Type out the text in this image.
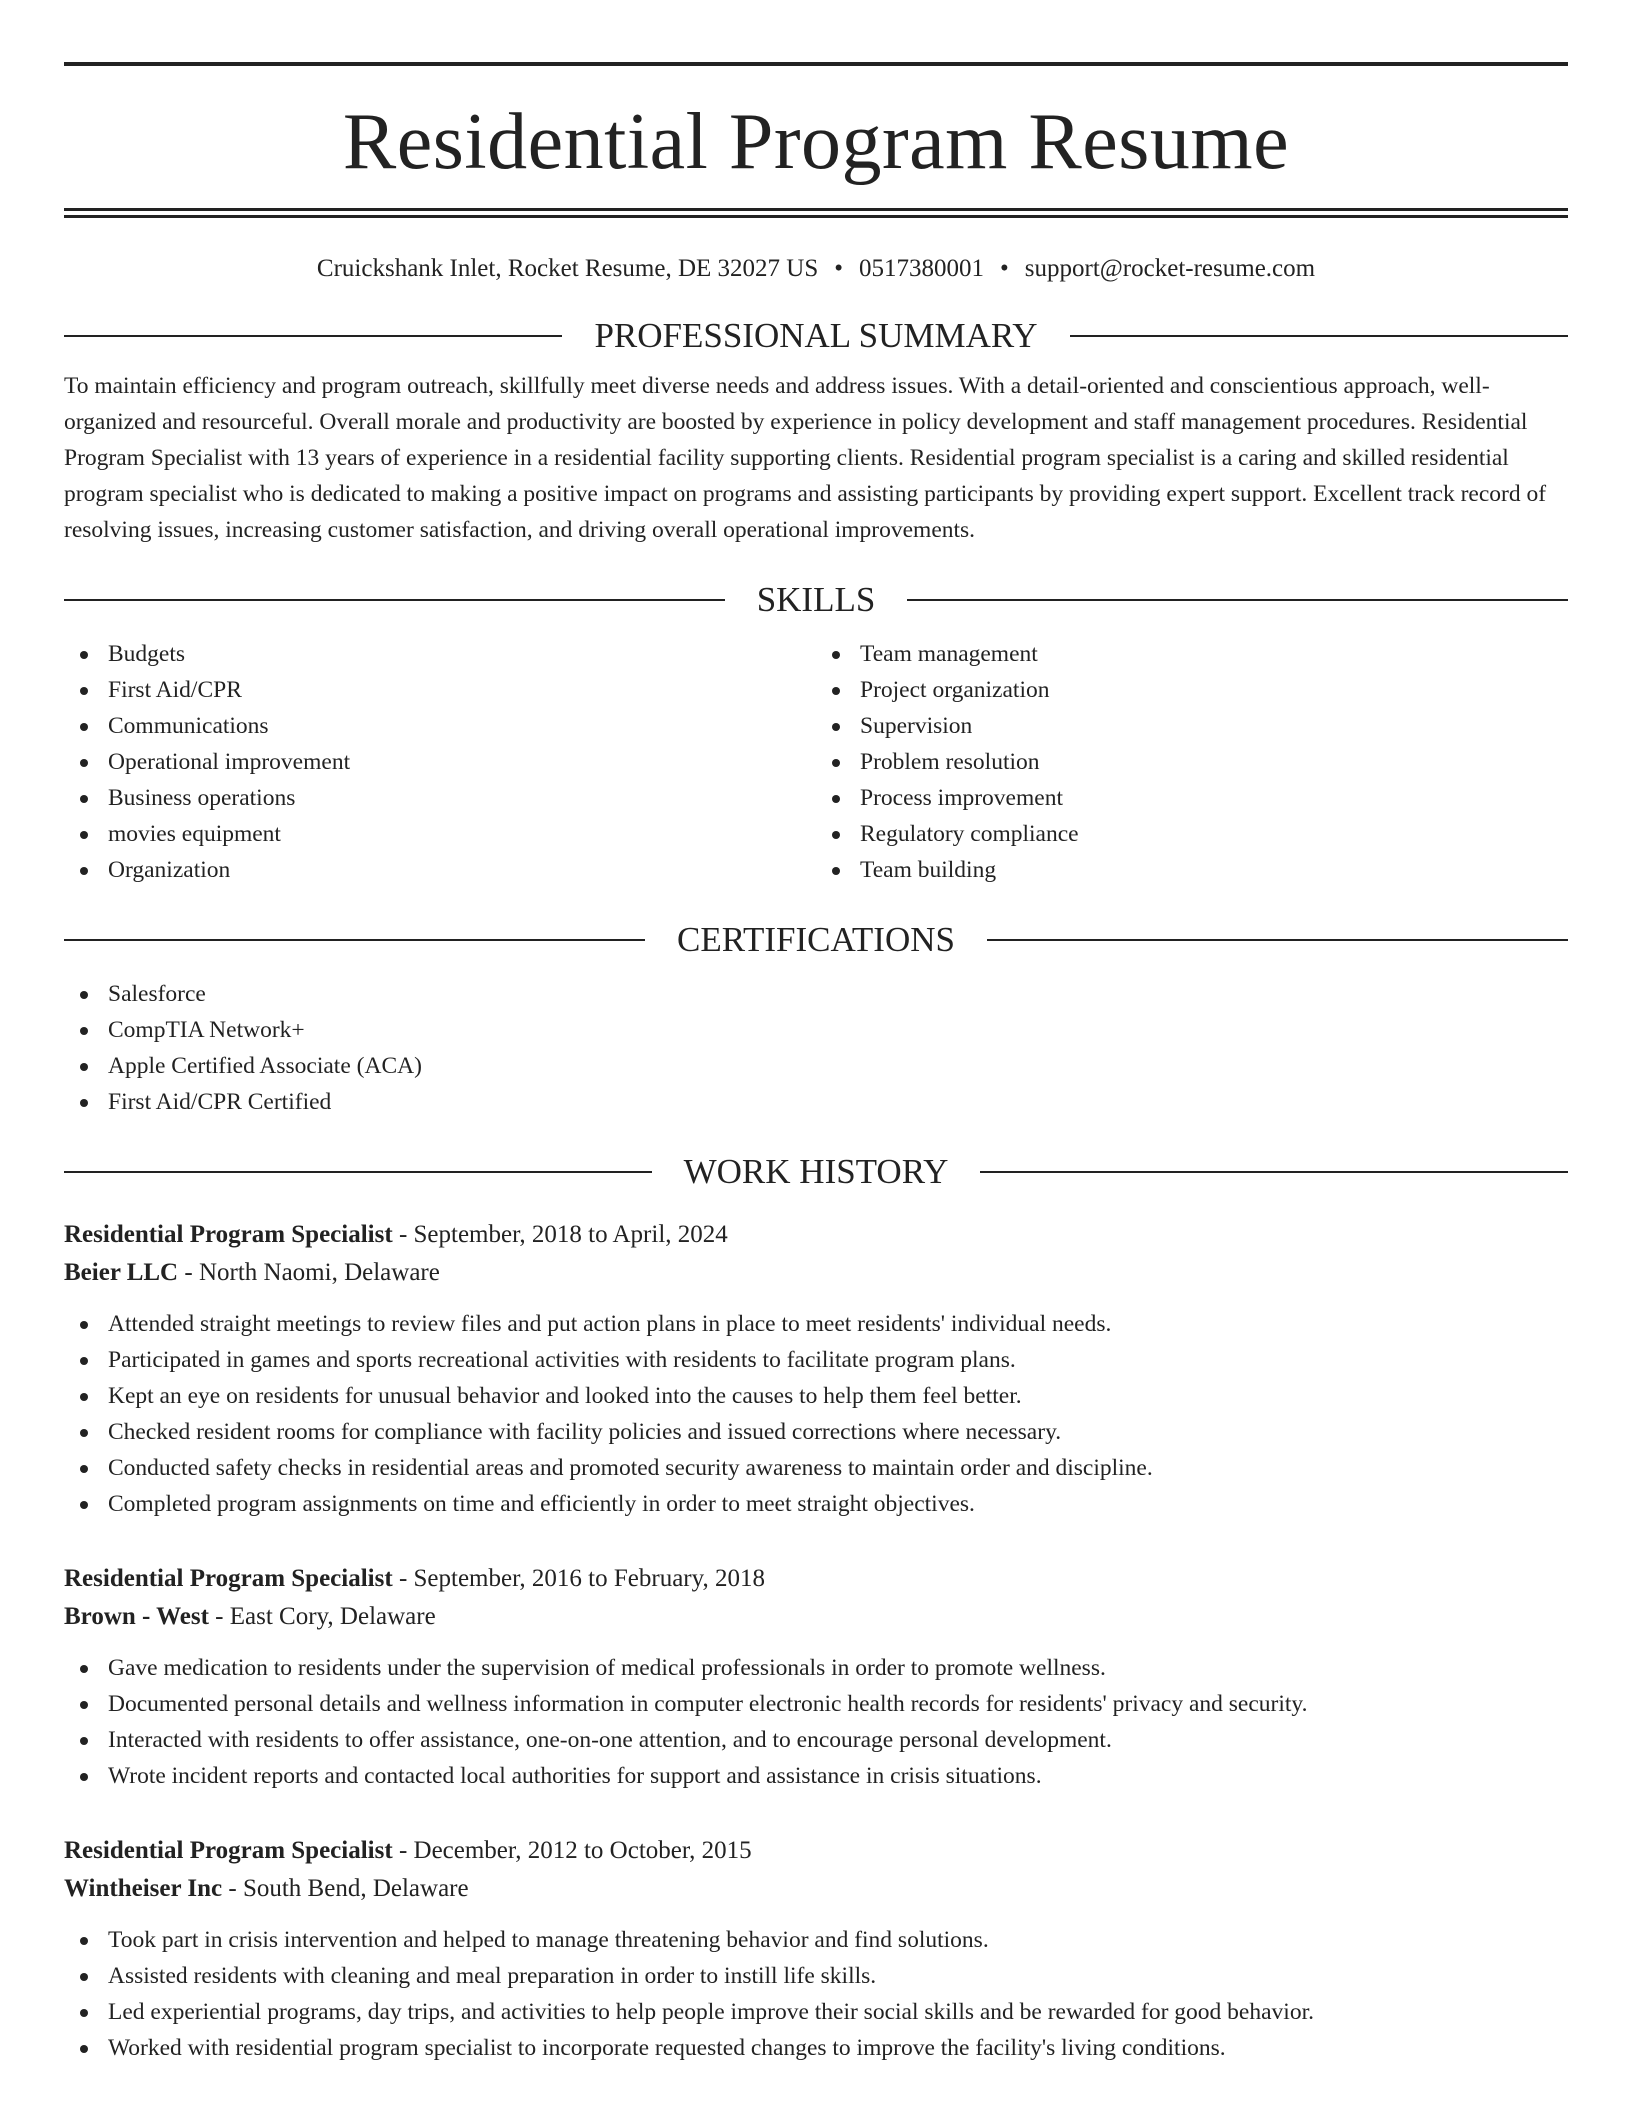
Residential Program Resume
Cruickshank Inlet, Rocket Resume, DE 32027 US • 0517380001 • support@rocket-resume.com
PROFESSIONAL SUMMARY

To maintain efficiency and program outreach, skillfully meet diverse needs and address issues. With a detail-oriented and conscientious approach, well-organized and resourceful. Overall morale and productivity are boosted by experience in policy development and staff management procedures. Residential Program Specialist with 13 years of experience in a residential facility supporting clients. Residential program specialist is a caring and skilled residential program specialist who is dedicated to making a positive impact on programs and assisting participants by providing expert support. Excellent track record of resolving issues, increasing customer satisfaction, and driving overall operational improvements.

SKILLS
Budgets
First Aid/CPR
Communications
Operational improvement
Business operations
movies equipment
Organization
Team management
Project organization
Supervision
Problem resolution
Process improvement
Regulatory compliance
Team building
CERTIFICATIONS
Salesforce
CompTIA Network+
Apple Certified Associate (ACA)
First Aid/CPR Certified
WORK HISTORY
Residential Program Specialist - September, 2018 to April, 2024
Beier LLC - North Naomi, Delaware
Attended straight meetings to review files and put action plans in place to meet residents' individual needs.
Participated in games and sports recreational activities with residents to facilitate program plans.
Kept an eye on residents for unusual behavior and looked into the causes to help them feel better.
Checked resident rooms for compliance with facility policies and issued corrections where necessary.
Conducted safety checks in residential areas and promoted security awareness to maintain order and discipline.
Completed program assignments on time and efficiently in order to meet straight objectives.
Residential Program Specialist - September, 2016 to February, 2018
Brown - West - East Cory, Delaware
Gave medication to residents under the supervision of medical professionals in order to promote wellness.
Documented personal details and wellness information in computer electronic health records for residents' privacy and security.
Interacted with residents to offer assistance, one-on-one attention, and to encourage personal development.
Wrote incident reports and contacted local authorities for support and assistance in crisis situations.
Residential Program Specialist - December, 2012 to October, 2015
Wintheiser Inc - South Bend, Delaware
Took part in crisis intervention and helped to manage threatening behavior and find solutions.
Assisted residents with cleaning and meal preparation in order to instill life skills.
Led experiential programs, day trips, and activities to help people improve their social skills and be rewarded for good behavior.
Worked with residential program specialist to incorporate requested changes to improve the facility's living conditions.
